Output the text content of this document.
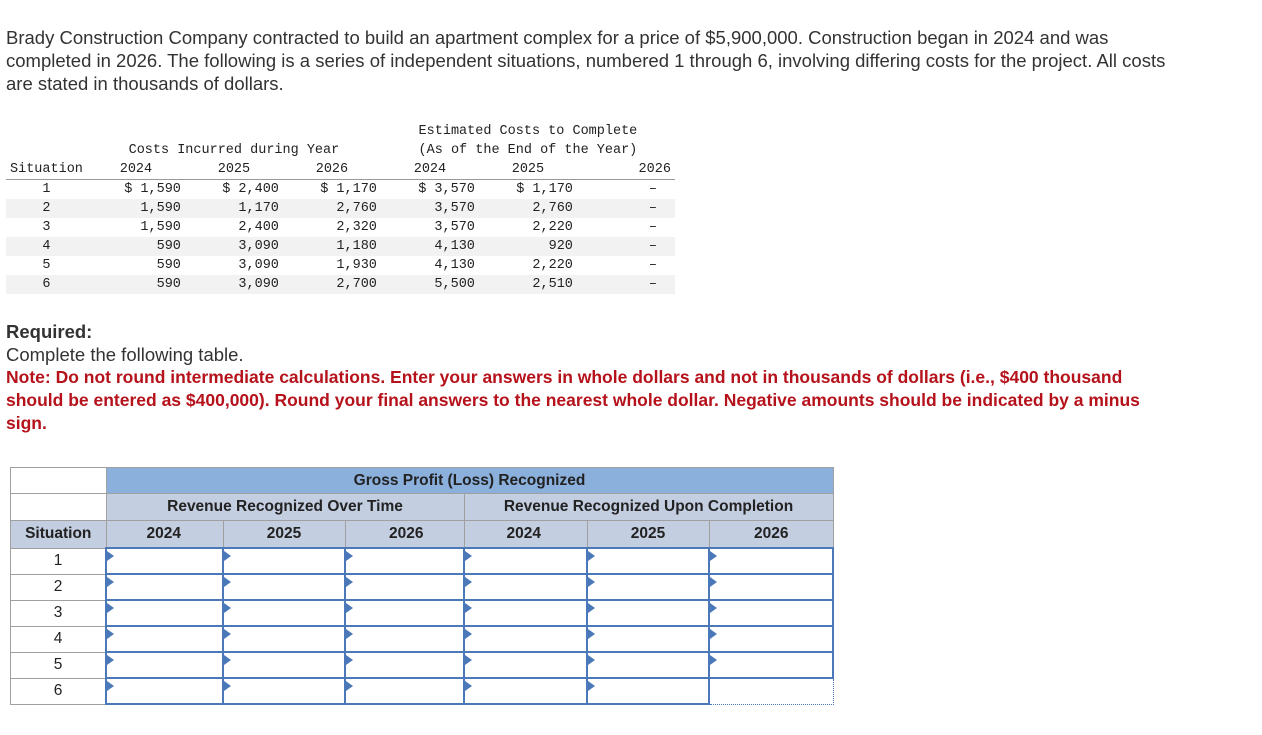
Brady Construction Company contracted to build an apartment complex for a price of $5,900,000. Construction began in 2024 and was completed in 2026. The following is a series of independent situations, numbered 1 through 6, involving differing costs for the project. All costs are stated in thousands of dollars.

				Estimated Costs to Complete		
	Costs Incurred during Year			(As of the End of the Year)		
Situation	2024	2025	2026	2024	2025	2026
1	$ 1,590	$ 2,400	$ 1,170	$ 3,570	$ 1,170	–
2	1,590	1,170	2,760	3,570	2,760	–
3	1,590	2,400	2,320	3,570	2,220	–
4	590	3,090	1,180	4,130	920	–
5	590	3,090	1,930	4,130	2,220	–
6	590	3,090	2,700	5,500	2,510	–
Required:
Complete the following table.
Note: Do not round intermediate calculations. Enter your answers in whole dollars and not in thousands of dollars (i.e., $400 thousand should be entered as $400,000). Round your final answers to the nearest whole dollar. Negative amounts should be indicated by a minus sign.
	Gross Profit (Loss) Recognized					
	Revenue Recognized Over Time			Revenue Recognized Upon Completion		
Situation	2024	2025	2026	2024	2025	2026
1	

2	

3	

4	

5	

6	
